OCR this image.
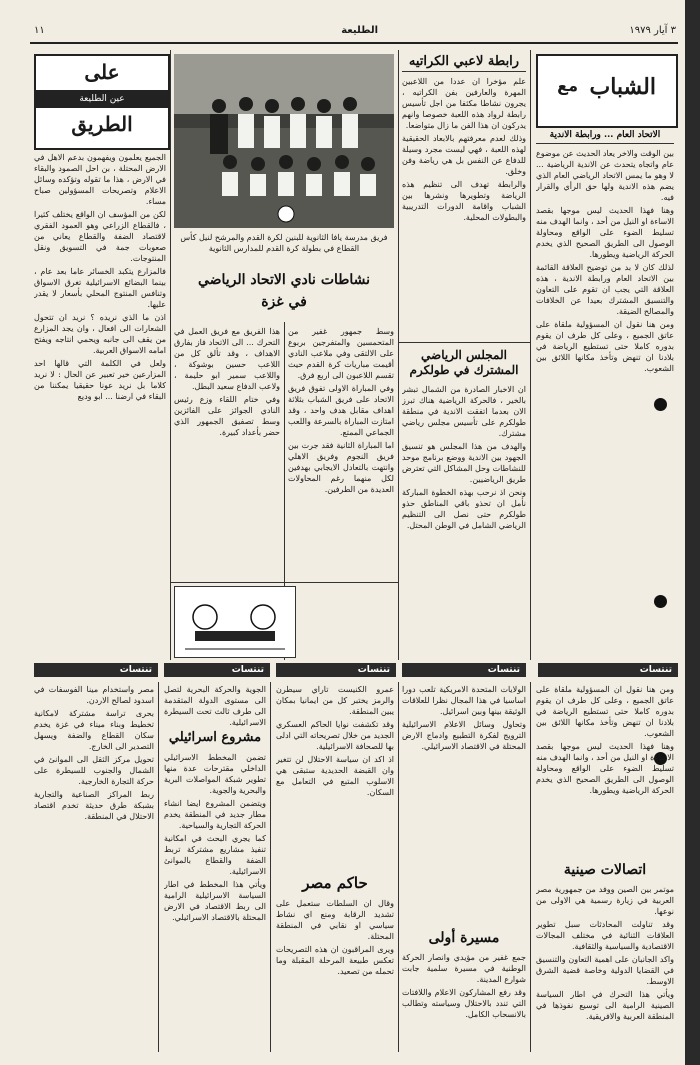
٣ آيار ١٩٧٩
الطليعة
١١
الشباب
مع
الاتحاد العام ... ورابطة الاندية

بين الوقت والاخر يعاد الحديث عن موضوع عام واتجاه يتحدث عن الاندية الرياضية ... لا وهو ما يمس الاتحاد الرياضي العام الذي يضم هذه الاندية ولها حق الرأي والقرار فيه.

وهنا فهذا الحديث ليس موجها بقصد الاساءة او النيل من أحد ، وانما الهدف منه تسليط الضوء على الواقع ومحاولة الوصول الى الطريق الصحيح الذي يخدم الحركة الرياضية ويطورها.

لذلك كان لا بد من توضيح العلاقة القائمة بين الاتحاد العام ورابطة الاندية ، هذه العلاقة التي يجب ان تقوم على التعاون والتنسيق المشترك بعيدا عن الخلافات والمصالح الضيقة.

ومن هنا نقول ان المسؤولية ملقاة على عاتق الجميع ، وعلى كل طرف ان يقوم بدوره كاملا حتى تستطيع الرياضة في بلادنا ان تنهض وتأخذ مكانها اللائق بين الشعوب.

رابطة لاعبي الكراتيه

علم مؤخرا ان عددا من اللاعبين المهرة والعارفين بفن الكراتيه ، يجرون نشاطا مكثفا من اجل تأسيس رابطة لرواد هذه اللعبة خصوصا وانهم يدركون ان هذا الفن ما زال متواضعا.

وذلك لعدم معرفتهم بالابعاد الحقيقية لهذه اللعبة ، فهي ليست مجرد وسيلة للدفاع عن النفس بل هي رياضة وفن وخلق.

والرابطة تهدف الى تنظيم هذه الرياضة وتطويرها ونشرها بين الشباب واقامة الدورات التدريبية والبطولات المحلية.

المجلس الرياضي المشترك في طولكرم

ان الاخبار الصادرة من الشمال تبشر بالخير ، فالحركة الرياضية هناك تبرز الان بعدما اتفقت الاندية في منطقة طولكرم على تأسيس مجلس رياضي مشترك.

والهدف من هذا المجلس هو تنسيق الجهود بين الاندية ووضع برنامج موحد للنشاطات وحل المشاكل التي تعترض طريق الرياضيين.

ونحن اذ نرحب بهذه الخطوة المباركة نأمل ان تحذو باقي المناطق حذو طولكرم حتى نصل الى التنظيم الرياضي الشامل في الوطن المحتل.

فريق مدرسة يافا الثانوية للبنين لكرة القدم والمرشح لنيل كأس القطاع في بطولة كرة القدم للمدارس الثانوية
نشاطات نادي الاتحاد الرياضي
في غزة

وسط جمهور غفير من المتحمسين والمتفرجين بربوع على الالتقى وفي ملاعب النادي أقيمت مباريات كرة القدم حيث تقسم اللاعبون الى اربع فرق.

وفي المباراة الاولى تفوق فريق الاتحاد على فريق الشباب بثلاثة اهداف مقابل هدف واحد ، وقد امتازت المباراة بالسرعة واللعب الجماعي الممتع.

اما المباراة الثانية فقد جرت بين فريق النجوم وفريق الاهلي وانتهت بالتعادل الايجابي بهدفين لكل منهما رغم المحاولات العديدة من الطرفين.

هذا الفريق مع فريق العمل في التحرك ... الى الاتحاد فاز بفارق الاهداف ، وقد تألق كل من اللاعب حسين بوشوكة ، واللاعب سمير ابو حليمة ، ولاعب الدفاع سعيد البطل.

وفي ختام اللقاء وزع رئيس النادي الجوائز على الفائزين وسط تصفيق الجمهور الذي حضر بأعداد كبيرة.

على
عين الطليعة
الطريق

الجميع يعلمون ويفهمون بدعم الاهل في الارض المحتلة ، بن احل الصمود والبقاء في الارض ، هذا ما تقوله وتؤكده وسائل الاعلام وتصريحات المسؤولين صباح مساء.

لكن من المؤسف ان الواقع يختلف كثيرا ، فالقطاع الزراعي وهو العمود الفقري لاقتصاد الضفة والقطاع يعاني من صعوبات جمة في التسويق ونقل المنتوجات.

فالمزارع يتكبد الخسائر عاما بعد عام ، بينما البضائع الاسرائيلية تغرق الاسواق وتنافس المنتوج المحلي بأسعار لا يقدر عليها.

اذن ما الذي نريده ؟ نريد ان تتحول الشعارات الى افعال ، وان يجد المزارع من يقف الى جانبه ويحمي انتاجه ويفتح امامه الاسواق العربية.

ولعل في الكلمة التي قالها احد المزارعين خير تعبير عن الحال : لا نريد كلاما بل نريد عونا حقيقيا يمكننا من البقاء في ارضنا ... ابو وديع

تنتسات
تنتسات
تنتسات
تنتسات
تنتسات
اتصالات صينية

موتمر بين الصين ووفد من جمهورية مصر العربية في زيارة رسمية هي الاولى من نوعها.

وقد تناولت المحادثات سبل تطوير العلاقات الثنائية في مختلف المجالات الاقتصادية والسياسية والثقافية.

واكد الجانبان على اهمية التعاون والتنسيق في القضايا الدولية وخاصة قضية الشرق الاوسط.

ويأتي هذا التحرك في اطار السياسة الصينية الرامية الى توسيع نفوذها في المنطقة العربية والافريقية.

ومن هنا نقول ان المسؤولية ملقاة على عاتق الجميع ، وعلى كل طرف ان يقوم بدوره كاملا حتى تستطيع الرياضة في بلادنا ان تنهض وتأخذ مكانها اللائق بين الشعوب.

وهنا فهذا الحديث ليس موجها بقصد الاساءة او النيل من أحد ، وانما الهدف منه تسليط الضوء على الواقع ومحاولة الوصول الى الطريق الصحيح الذي يخدم الحركة الرياضية ويطورها.

الولايات المتحدة الامريكية تلعب دورا اساسيا في هذا المجال نظرا للعلاقات الوثيقة بينها وبين اسرائيل.

وتحاول وسائل الاعلام الاسرائيلية الترويج لفكرة التطبيع وادماج الارض المحتلة في الاقتصاد الاسرائيلي.

مسيرة أولى

جمع غفير من مؤيدي وانصار الحركة الوطنية في مسيرة سلمية جابت شوارع المدينة.

وقد رفع المشاركون الاعلام واللافتات التي تندد بالاحتلال وسياسته وتطالب بالانسحاب الكامل.

عمرو الكنيست تاراي سيطرن والرمز يختبر كل من ايمانيا بمكان يبين المنطقة.

وقد تكشفت نوايا الحاكم العسكري الجديد من خلال تصريحاته التي ادلى بها للصحافة الاسرائيلية.

اذ اكد ان سياسة الاحتلال لن تتغير وان القبضة الحديدية ستبقى هي الاسلوب المتبع في التعامل مع السكان.

حاكم مصر

وقال ان السلطات ستعمل على تشديد الرقابة ومنع اي نشاط سياسي او نقابي في المنطقة المحتلة.

ويرى المراقبون ان هذه التصريحات تعكس طبيعة المرحلة المقبلة وما تحمله من تصعيد.

الجوية والحركة البحرية لتصل الى مستوى الدولة المتقدمة الى طرف ثالث تحت السيطرة الاسرائيلية.

مشروع اسرائيلي

تضمن المخطط الاسرائيلي الداخلي مقترحات عدة منها تطوير شبكة المواصلات البرية والبحرية والجوية.

ويتضمن المشروع ايضا انشاء مطار جديد في المنطقة يخدم الحركة التجارية والسياحية.

كما يجري البحث في امكانية تنفيذ مشاريع مشتركة تربط الضفة والقطاع بالموانئ الاسرائيلية.

ويأتي هذا المخطط في اطار السياسة الاسرائيلية الرامية الى ربط الاقتصاد في الارض المحتلة بالاقتصاد الاسرائيلي.

مصر واستخدام مينا الفوسفات في اسدود لصالح الاردن.

بحرى تراسة مشتركة لامكانية تخطيط وبناء ميناء في غزة يخدم سكان القطاع والضفة ويسهل التصدير الى الخارج.

تحويل مركز الثقل الى الموانئ في الشمال والجنوب للسيطرة على حركة التجارة الخارجية.

ربط المراكز الصناعية والتجارية بشبكة طرق حديثة تخدم اقتصاد الاحتلال في المنطقة.
